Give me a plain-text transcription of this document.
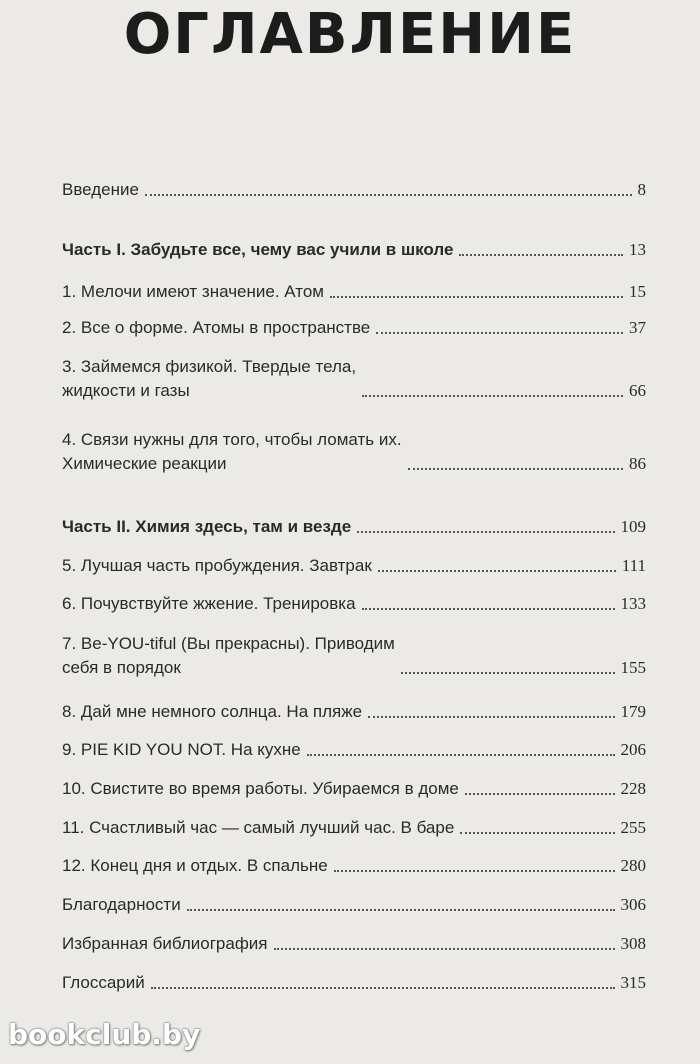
ОГЛАВЛЕНИЕ
Введение	8
Часть I. Забудьте все, чему вас учили в школе	13
1. Мелочи имеют значение. Атом	15
2. Все о форме. Атомы в пространстве	37
3. Займемся физикой. Твердые тела,
жидкости и газы	66
4. Связи нужны для того, чтобы ломать их.
Химические реакции	86
Часть II. Химия здесь, там и везде	109
5. Лучшая часть пробуждения. Завтрак	111
6. Почувствуйте жжение. Тренировка	133
7. Be-YOU-tiful (Вы прекрасны). Приводим
себя в порядок	155
8. Дай мне немного солнца. На пляже	179
9. PIE KID YOU NOT. На кухне	206
10. Свистите во время работы. Убираемся в доме	228
11. Счастливый час — самый лучший час. В баре	255
12. Конец дня и отдых. В спальне	280
Благодарности	306
Избранная библиография	308
Глоссарий	315
bookclub.by
